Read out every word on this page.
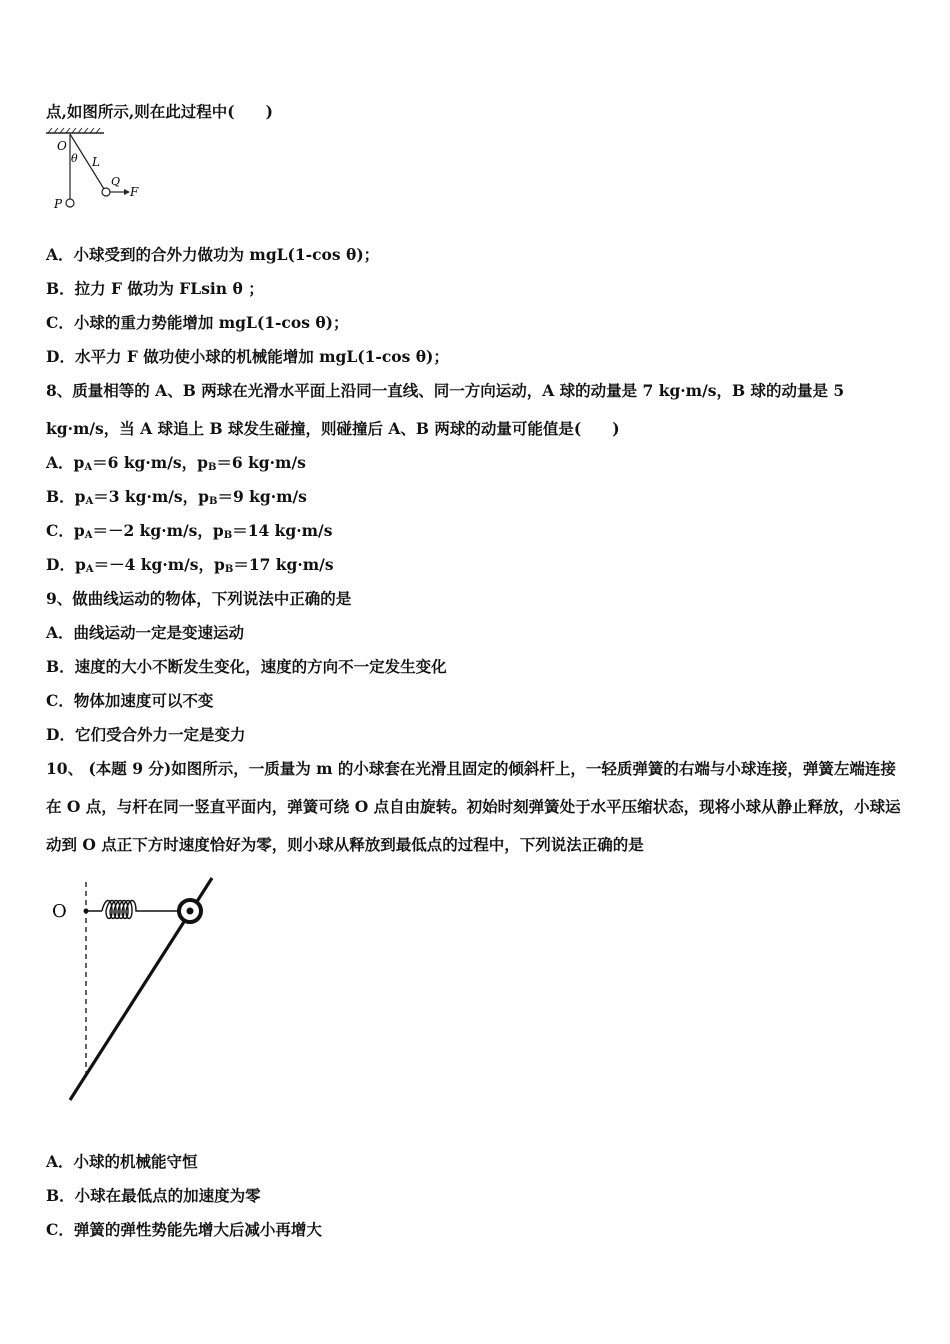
点,如图所示,则在此过程中(　　)
O
θ L
Q
F
P
A．小球受到的合外力做功为 mgL(1-cos θ)；
B．拉力 F 做功为 FLsin θ ；
C．小球的重力势能增加 mgL(1-cos θ)；
D．水平力 F 做功使小球的机械能增加 mgL(1-cos θ)；
8、质量相等的 A、B 两球在光滑水平面上沿同一直线、同一方向运动，A 球的动量是 7 kg·m/s，B 球的动量是 5
kg·m/s，当 A 球追上 B 球发生碰撞，则碰撞后 A、B 两球的动量可能值是(　　)
A．$p_A=6$ kg·m/s，$p_B=6$ kg·m/s
B．$p_A=3$ kg·m/s，$p_B=9$ kg·m/s
C．$p_A=-2$ kg·m/s，$p_B=14$ kg·m/s
D．$p_A=-4$ kg·m/s，$p_B=17$ kg·m/s
9、做曲线运动的物体，下列说法中正确的是
A．曲线运动一定是变速运动
B．速度的大小不断发生变化，速度的方向不一定发生变化
C．物体加速度可以不变
D．它们受合外力一定是变力
10、 (本题 9 分)如图所示，一质量为 m 的小球套在光滑且固定的倾斜杆上，一轻质弹簧的右端与小球连接，弹簧左端连接在 O 点，与杆在同一竖直平面内，弹簧可绕 O 点自由旋转。初始时刻弹簧处于水平压缩状态，现将小球从静止释放，小球运动到 O 点正下方时速度恰好为零，则小球从释放到最低点的过程中，下列说法正确的是
O
A．小球的机械能守恒
B．小球在最低点的加速度为零
C．弹簧的弹性势能先增大后减小再增大
